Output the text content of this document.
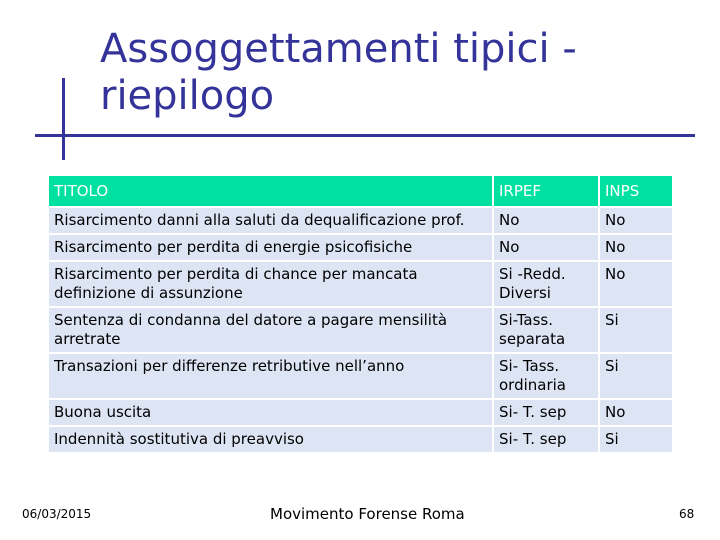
Assoggettamenti tipici -
riepilogo
TITOLO	IRPEF	INPS
Risarcimento danni alla saluti da dequalificazione prof.	No	No
Risarcimento per perdita di energie psicofisiche	No	No
Risarcimento per perdita di chance per mancata definizione di assunzione	Si -Redd. Diversi	No
Sentenza di condanna del datore a pagare mensilità arretrate	Si-Tass. separata	Si
Transazioni per differenze retributive nell’anno	Si- Tass. ordinaria	Si
Buona uscita	Si- T. sep	No
Indennità sostitutiva di preavviso	Si- T. sep	Si
06/03/2015	Movimento Forense Roma	68
